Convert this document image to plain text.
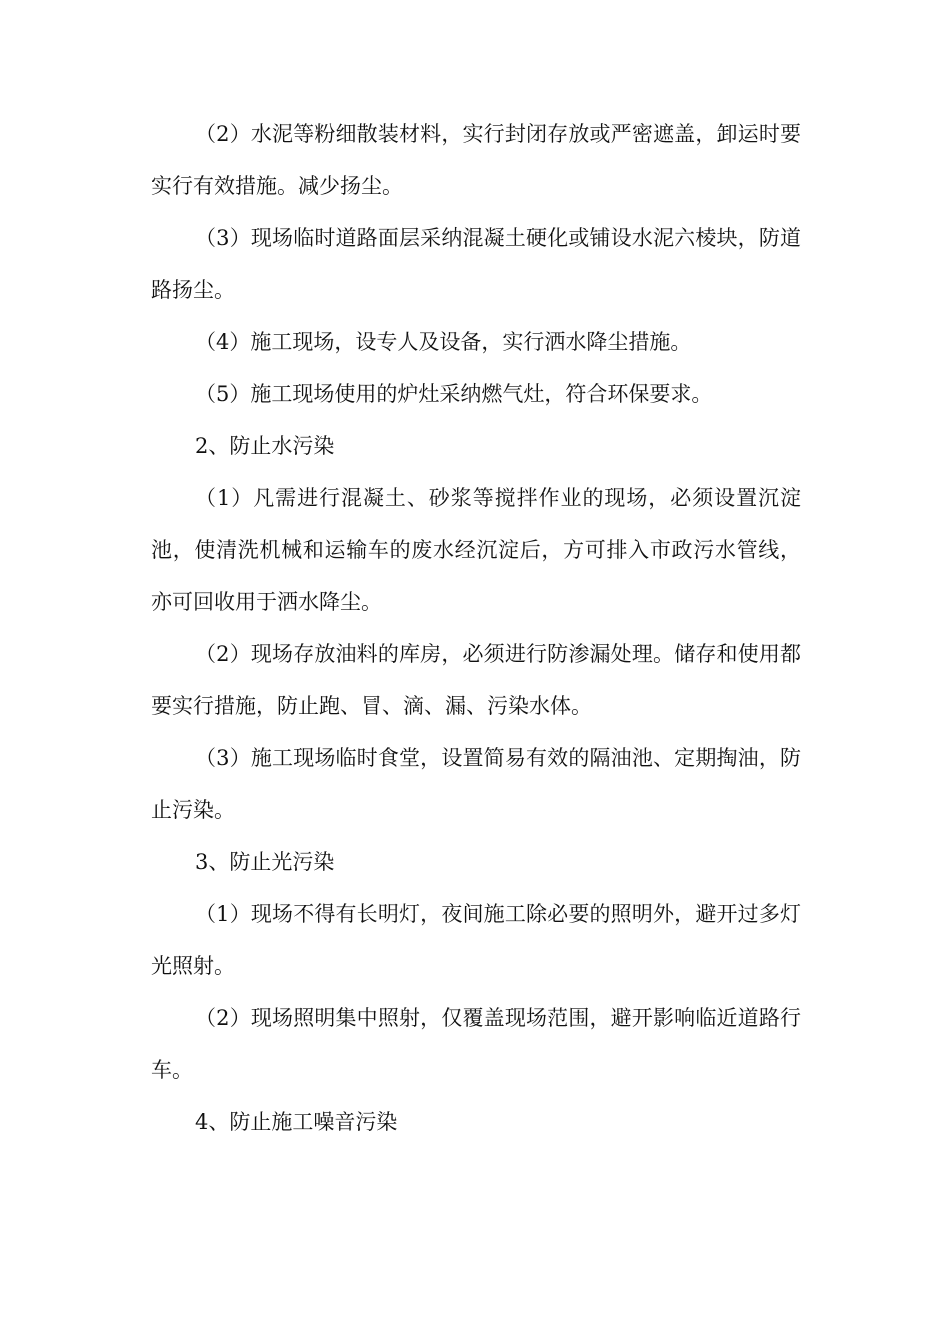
（2）水泥等粉细散装材料，实行封闭存放或严密遮盖，卸运时要实行有效措施。减少扬尘。

（3）现场临时道路面层采纳混凝土硬化或铺设水泥六棱块，防道路扬尘。

（4）施工现场，设专人及设备，实行洒水降尘措施。

（5）施工现场使用的炉灶采纳燃气灶，符合环保要求。

2、防止水污染

（1）凡需进行混凝土、砂浆等搅拌作业的现场，必须设置沉淀池，使清洗机械和运输车的废水经沉淀后，方可排入市政污水管线，亦可回收用于洒水降尘。

（2）现场存放油料的库房，必须进行防渗漏处理。储存和使用都要实行措施，防止跑、冒、滴、漏、污染水体。

（3）施工现场临时食堂，设置简易有效的隔油池、定期掏油，防止污染。

3、防止光污染

（1）现场不得有长明灯，夜间施工除必要的照明外，避开过多灯光照射。

（2）现场照明集中照射，仅覆盖现场范围，避开影响临近道路行车。

4、防止施工噪音污染
